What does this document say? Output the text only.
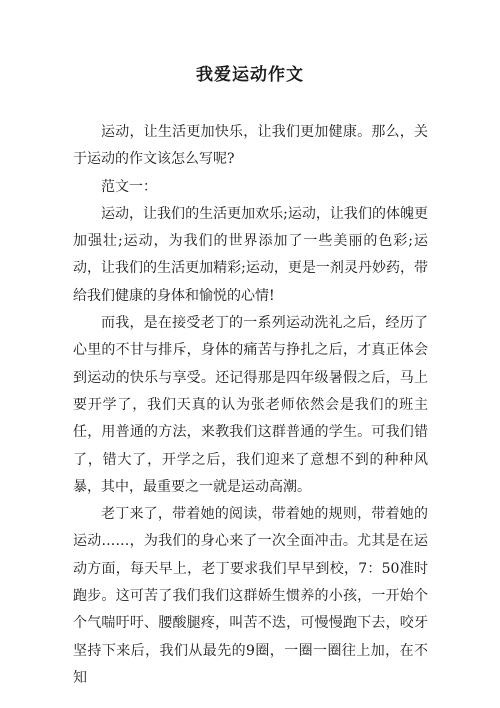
我爱运动作文

运动，让生活更加快乐，让我们更加健康。那么，关于运动的作文该怎么写呢?

范文一：

运动，让我们的生活更加欢乐;运动，让我们的体魄更加强壮;运动，为我们的世界添加了一些美丽的色彩;运动，让我们的生活更加精彩;运动，更是一剂灵丹妙药，带给我们健康的身体和愉悦的心情!

而我，是在接受老丁的一系列运动洗礼之后，经历了心里的不甘与排斥，身体的痛苦与挣扎之后，才真正体会到运动的快乐与享受。还记得那是四年级暑假之后，马上要开学了，我们天真的认为张老师依然会是我们的班主任，用普通的方法，来教我们这群普通的学生。可我们错了，错大了，开学之后，我们迎来了意想不到的种种风暴，其中，最重要之一就是运动高潮。

老丁来了，带着她的阅读，带着她的规则，带着她的运动……，为我们的身心来了一次全面冲击。尤其是在运动方面，每天早上，老丁要求我们早早到校，7：50准时跑步。这可苦了我们我们这群娇生惯养的小孩，一开始个个气喘吁吁、腰酸腿疼，叫苦不迭，可慢慢跑下去，咬牙坚持下来后，我们从最先的9圈，一圈一圈往上加，在不知
